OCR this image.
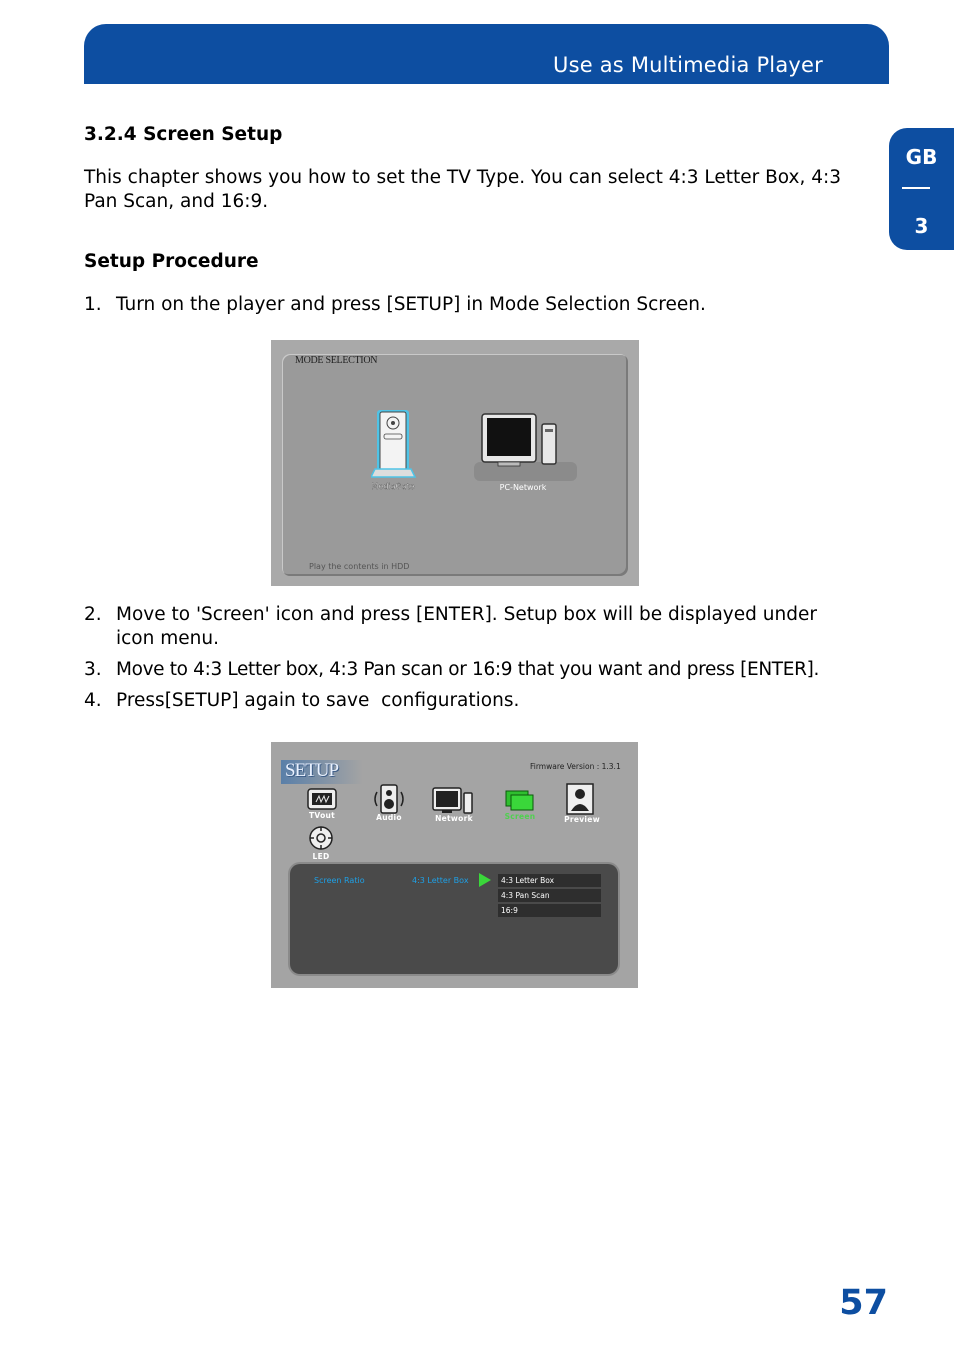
Use as Multimedia Player
GB
3
3.2.4 Screen Setup

This chapter shows you how to set the TV Type. You can select 4:3 Letter Box, 4:3 Pan Scan, and 16:9.

Setup Procedure
1. Turn on the player and press [SETUP] in Mode Selection Screen.
MODE SELECTION
MediaGate	PC-Network
Play the contents in HDD
2. Move to 'Screen' icon and press [ENTER]. Setup box will be displayed under icon menu.
3. Move to 4:3 Letter box, 4:3 Pan scan or 16:9 that you want and press [ENTER].
4. Press[SETUP] again to save  configurations.
SETUP	Firmware Version : 1.3.1
TVout	Audio	Network	Screen	Preview
LED
Screen Ratio	4:3 Letter Box	4:3 Letter Box
4:3 Pan Scan
16:9
57
